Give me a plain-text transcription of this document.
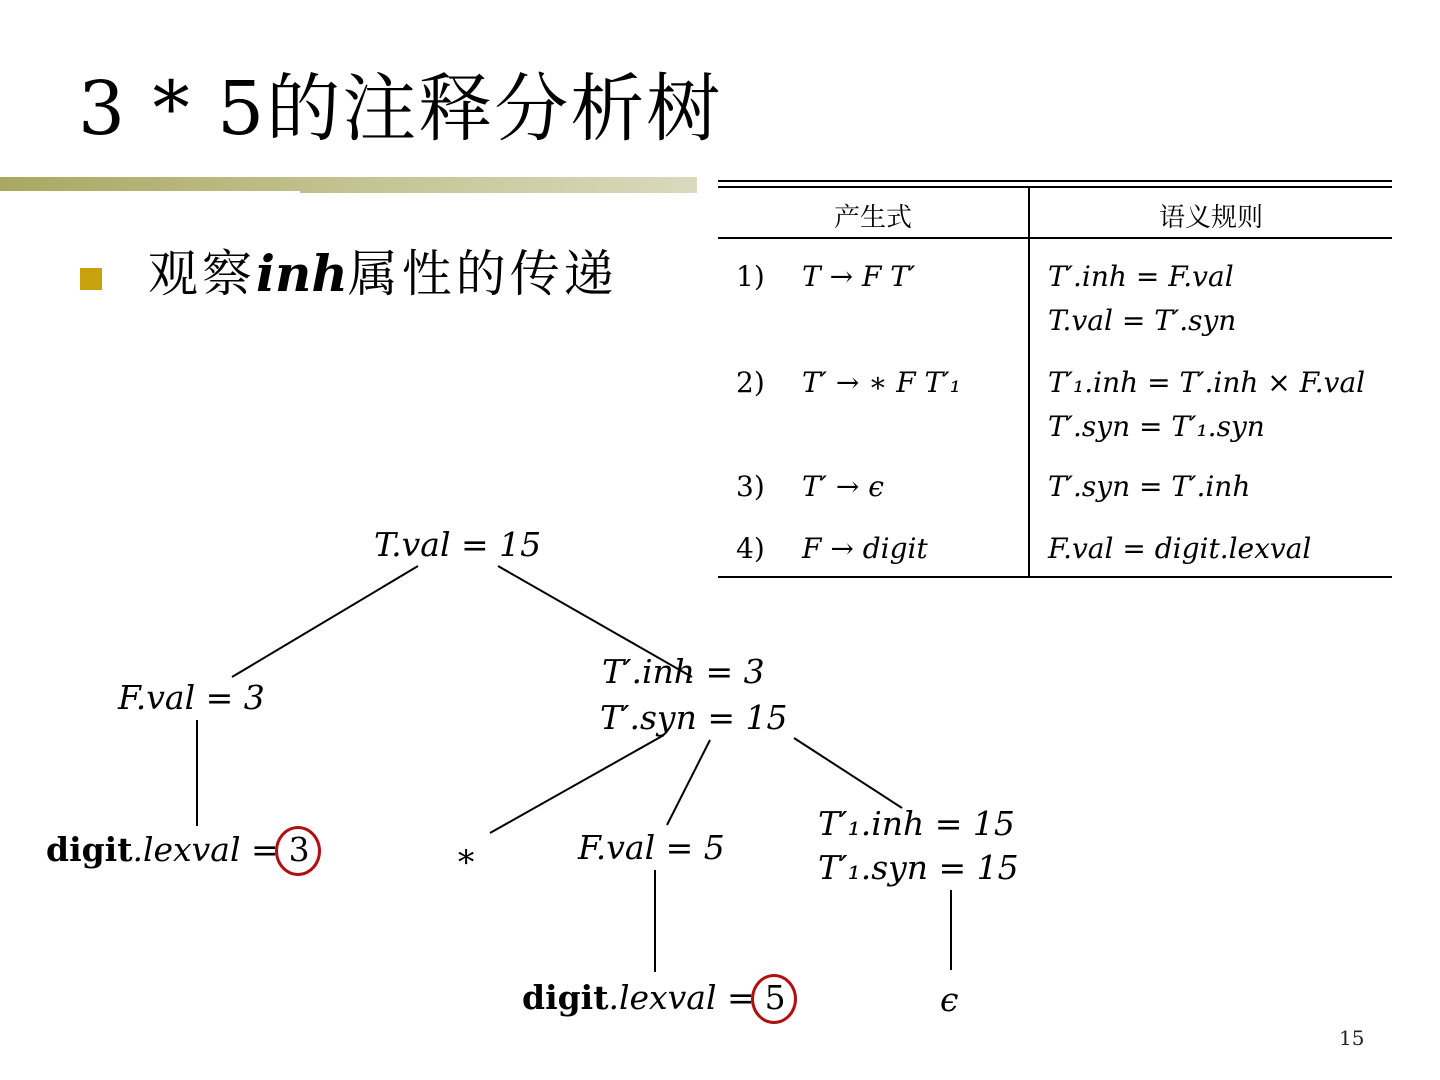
3 * 5的注释分析树
观察inh属性的传递
产生式	语义规则
1) T → F T′	T′.inh = F.val
T.val = T′.syn
2) T′ → ∗ F T′₁	T′₁.inh = T′.inh × F.val
T′.syn = T′₁.syn
3) T′ → ϵ	T′.syn = T′.inh
4) F → digit	F.val = digit.lexval
T.val = 15
F.val = 3
T′.inh = 3
T′.syn = 15
digit.lexval = 3	∗	F.val = 5
T′₁.inh = 15
T′₁.syn = 15
digit.lexval = 5	ϵ
15
